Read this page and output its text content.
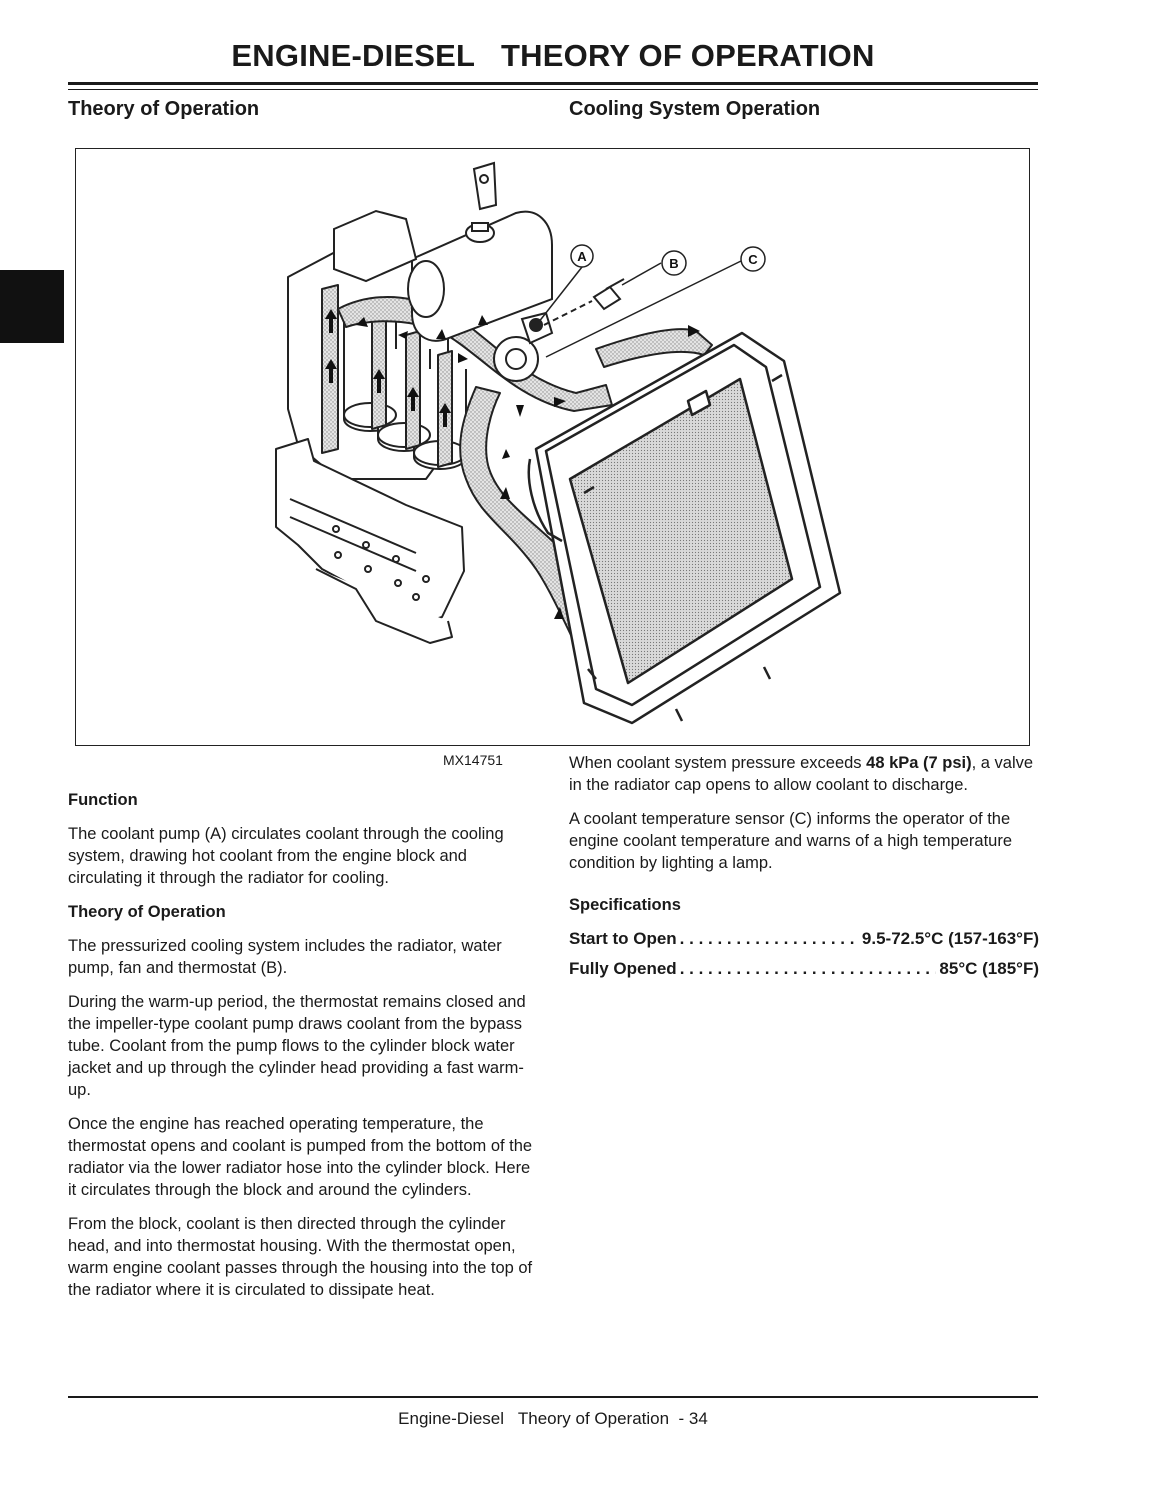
ENGINE-DIESEL   THEORY OF OPERATION
Theory of Operation	Cooling System Operation
A	B	C
MX14751
Function

The coolant pump (A) circulates coolant through the cooling system, drawing hot coolant from the engine block and circulating it through the radiator for cooling.

Theory of Operation

The pressurized cooling system includes the radiator, water pump, fan and thermostat (B).

During the warm-up period, the thermostat remains closed and the impeller-type coolant pump draws coolant from the bypass tube. Coolant from the pump flows to the cylinder block water jacket and up through the cylinder head providing a fast warm-up.

Once the engine has reached operating temperature, the thermostat opens and coolant is pumped from the bottom of the radiator via the lower radiator hose into the cylinder block. Here it circulates through the block and around the cylinders.

From the block, coolant is then directed through the cylinder head, and into thermostat housing. With the thermostat open, warm engine coolant passes through the housing into the top of the radiator where it is circulated to dissipate heat.

When coolant system pressure exceeds 48 kPa (7 psi), a valve in the radiator cap opens to allow coolant to discharge.

A coolant temperature sensor (C) informs the operator of the engine coolant temperature and warns of a high temperature condition by lighting a lamp.

Specifications
Start to Open . . .	9.5-72.5°C (157-163°F)
Fully Opened . . .	85°C (185°F)
Engine-Diesel   Theory of Operation  - 34
